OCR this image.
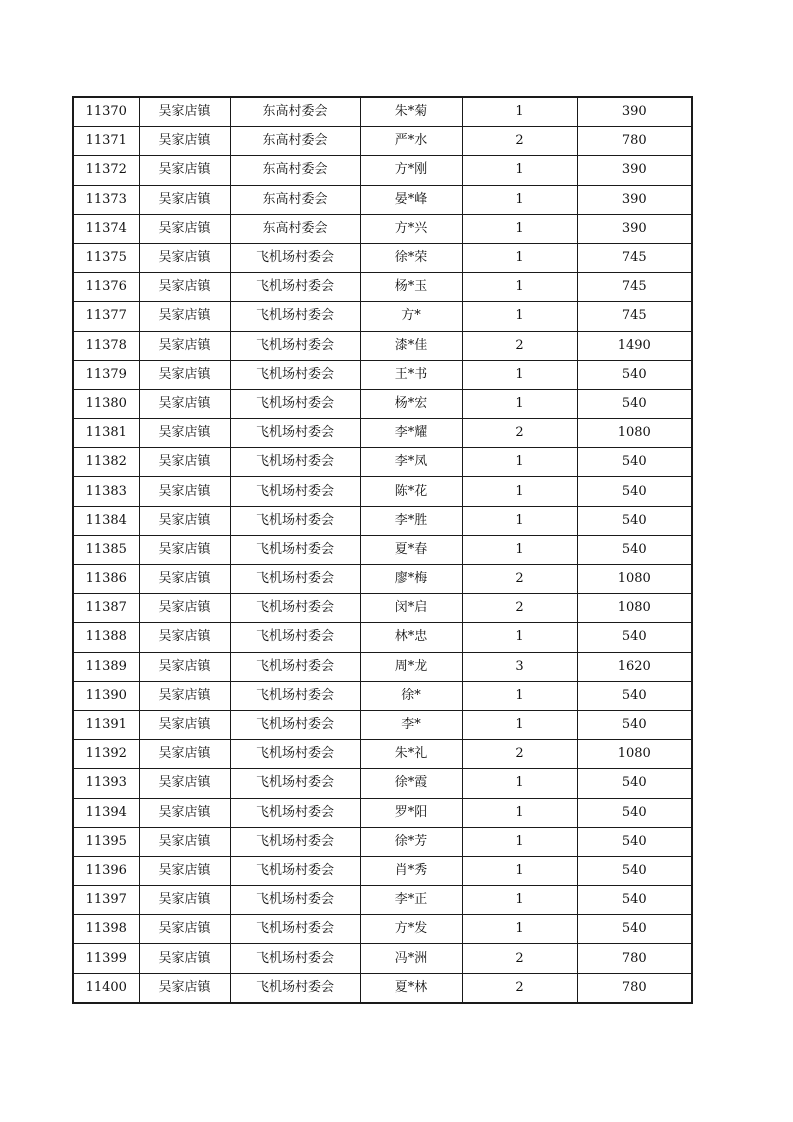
11370	吴家店镇	东高村委会	朱*菊	1	390
11371	吴家店镇	东高村委会	严*水	2	780
11372	吴家店镇	东高村委会	方*刚	1	390
11373	吴家店镇	东高村委会	晏*峰	1	390
11374	吴家店镇	东高村委会	方*兴	1	390
11375	吴家店镇	飞机场村委会	徐*荣	1	745
11376	吴家店镇	飞机场村委会	杨*玉	1	745
11377	吴家店镇	飞机场村委会	方*	1	745
11378	吴家店镇	飞机场村委会	漆*佳	2	1490
11379	吴家店镇	飞机场村委会	王*书	1	540
11380	吴家店镇	飞机场村委会	杨*宏	1	540
11381	吴家店镇	飞机场村委会	李*耀	2	1080
11382	吴家店镇	飞机场村委会	李*凤	1	540
11383	吴家店镇	飞机场村委会	陈*花	1	540
11384	吴家店镇	飞机场村委会	李*胜	1	540
11385	吴家店镇	飞机场村委会	夏*春	1	540
11386	吴家店镇	飞机场村委会	廖*梅	2	1080
11387	吴家店镇	飞机场村委会	闵*启	2	1080
11388	吴家店镇	飞机场村委会	林*忠	1	540
11389	吴家店镇	飞机场村委会	周*龙	3	1620
11390	吴家店镇	飞机场村委会	徐*	1	540
11391	吴家店镇	飞机场村委会	李*	1	540
11392	吴家店镇	飞机场村委会	朱*礼	2	1080
11393	吴家店镇	飞机场村委会	徐*霞	1	540
11394	吴家店镇	飞机场村委会	罗*阳	1	540
11395	吴家店镇	飞机场村委会	徐*芳	1	540
11396	吴家店镇	飞机场村委会	肖*秀	1	540
11397	吴家店镇	飞机场村委会	李*正	1	540
11398	吴家店镇	飞机场村委会	方*发	1	540
11399	吴家店镇	飞机场村委会	冯*洲	2	780
11400	吴家店镇	飞机场村委会	夏*林	2	780
